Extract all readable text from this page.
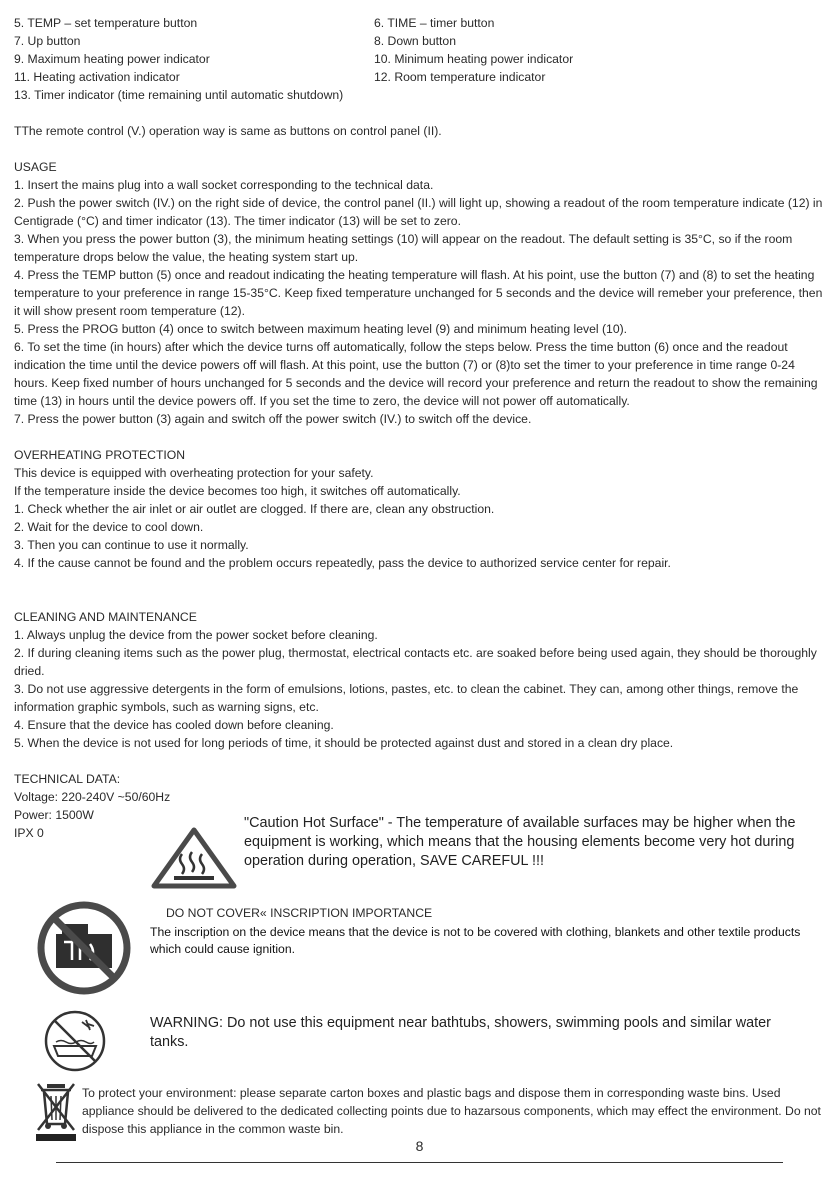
5. TEMP – set temperature button	6. TIME – timer button
7. Up button	8. Down button
9. Maximum heating power indicator	10. Minimum heating power indicator
11. Heating activation indicator	12. Room temperature indicator
13. Timer indicator (time remaining until automatic shutdown)
TThe remote control (V.) operation way is same as buttons on control panel (II).
USAGE
1. Insert the mains plug into a wall socket corresponding to the technical data.
2. Push the power switch (IV.) on the right side of device, the control panel (II.) will light up, showing a readout of the room temperature indicate (12) in Centigrade (°C) and timer indicator (13). The timer indicator (13) will be set to zero.
3. When you press the power button (3), the minimum heating settings (10) will appear on the readout. The default setting is 35°C, so if the room temperature drops below the value, the heating system start up.
4. Press the TEMP button (5) once and readout indicating the heating temperature will flash. At his point, use the button (7) and (8) to set the heating temperature to your preference in range 15-35°C. Keep fixed temperature unchanged for 5 seconds and the device will remeber your preference, then it will show present room temperature (12).
5. Press the PROG button (4) once to switch between maximum heating level (9) and minimum heating level (10).
6. To set the time (in hours) after which the device turns off automatically, follow the steps below. Press the time button (6) once and the readout indication the time until the device powers off will flash. At this point, use the button (7) or (8)to set the timer to your preference in time range 0-24 hours. Keep fixed number of hours unchanged for 5 seconds and the device will record your preference and return the readout to show the remaining time (13) in hours until the device powers off. If you set the time to zero, the device will not power off automatically.
7. Press the power button (3) again and switch off the power switch (IV.) to switch off the device.
OVERHEATING PROTECTION
This device is equipped with overheating protection for your safety.
If the temperature inside the device becomes too high, it switches off automatically.
1. Check whether the air inlet or air outlet are clogged. If there are, clean any obstruction.
2. Wait for the device to cool down.
3. Then you can continue to use it normally.
4. If the cause cannot be found and the problem occurs repeatedly, pass the device to authorized service center for repair.
CLEANING AND MAINTENANCE
1. Always unplug the device from the power socket before cleaning.
2. If during cleaning items such as the power plug, thermostat, electrical contacts etc. are soaked before being used again, they should be thoroughly dried.
3. Do not use aggressive detergents in the form of emulsions, lotions, pastes, etc. to clean the cabinet. They can, among other things, remove the information graphic symbols, such as warning signs, etc.
4. Ensure that the device has cooled down before cleaning.
5. When the device is not used for long periods of time, it should be protected against dust and stored in a clean dry place.
TECHNICAL DATA:
Voltage: 220-240V ~50/60Hz
Power: 1500W
IPX 0
"Caution Hot Surface" - The temperature of available surfaces may be higher when the equipment is working, which means that the housing elements become very hot during operation during operation, SAVE CAREFUL !!!
DO NOT COVER« INSCRIPTION IMPORTANCE
The inscription on the device means that the device is not to be covered with clothing, blankets and other textile products which could cause ignition.
WARNING: Do not use this equipment near bathtubs, showers, swimming pools and similar water tanks.
To protect your environment: please separate carton boxes and plastic bags and dispose them in corresponding waste bins. Used appliance should be delivered to the dedicated collecting points due to hazarsous components, which may effect the environment. Do not dispose this appliance in the common waste bin.
8
